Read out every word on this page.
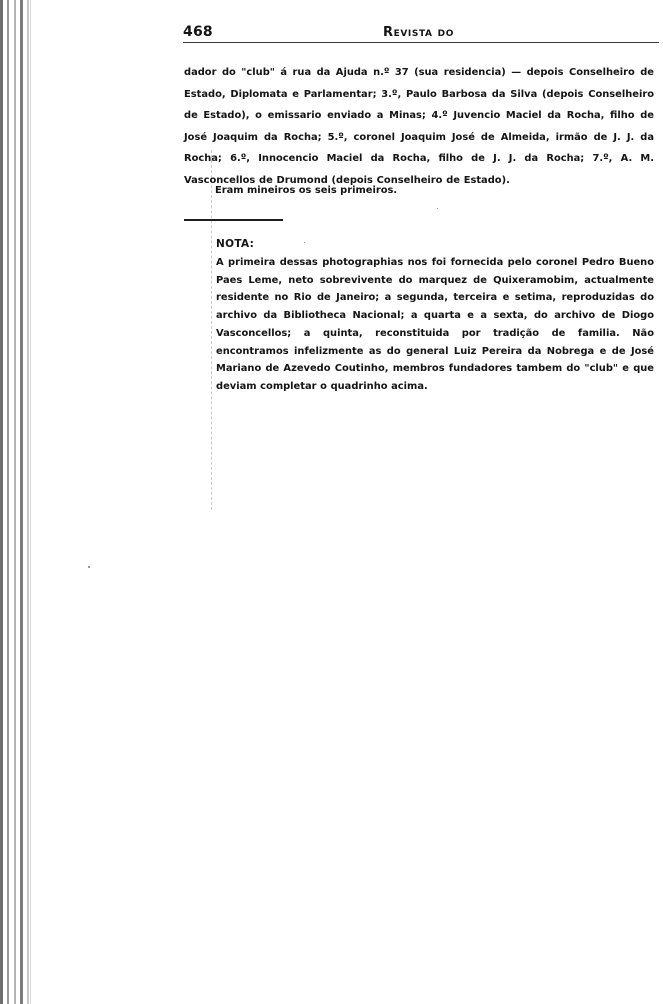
468	Revista do

dador do "club" á rua da Ajuda n.º 37 (sua residencia) — depois Conselheiro de Estado, Diplomata e Parlamentar; 3.º, Paulo Barbosa da Silva (depois Conselheiro de Estado), o emissario enviado a Minas; 4.º Juvencio Maciel da Rocha, filho de José Joaquim da Rocha; 5.º, coronel Joaquim José de Almeida, irmão de J. J. da Rocha; 6.º, Innocencio Maciel da Rocha, filho de J. J. da Rocha; 7.º, A. M. Vasconcellos de Drumond (depois Conselheiro de Estado).

Eram mineiros os seis primeiros.

NOTA:

A primeira dessas photographias nos foi fornecida pelo coronel Pedro Bueno Paes Leme, neto sobrevivente do marquez de Quixeramobim, actualmente residente no Rio de Janeiro; a segunda, terceira e setima, reproduzidas do archivo da Bibliotheca Nacional; a quarta e a sexta, do archivo de Diogo Vasconcellos; a quinta, reconstituida por tradição de familia. Não encontramos infelizmente as do general Luiz Pereira da Nobrega e de José Mariano de Azevedo Coutinho, membros fundadores tambem do "club" e que deviam completar o quadrinho acima.
